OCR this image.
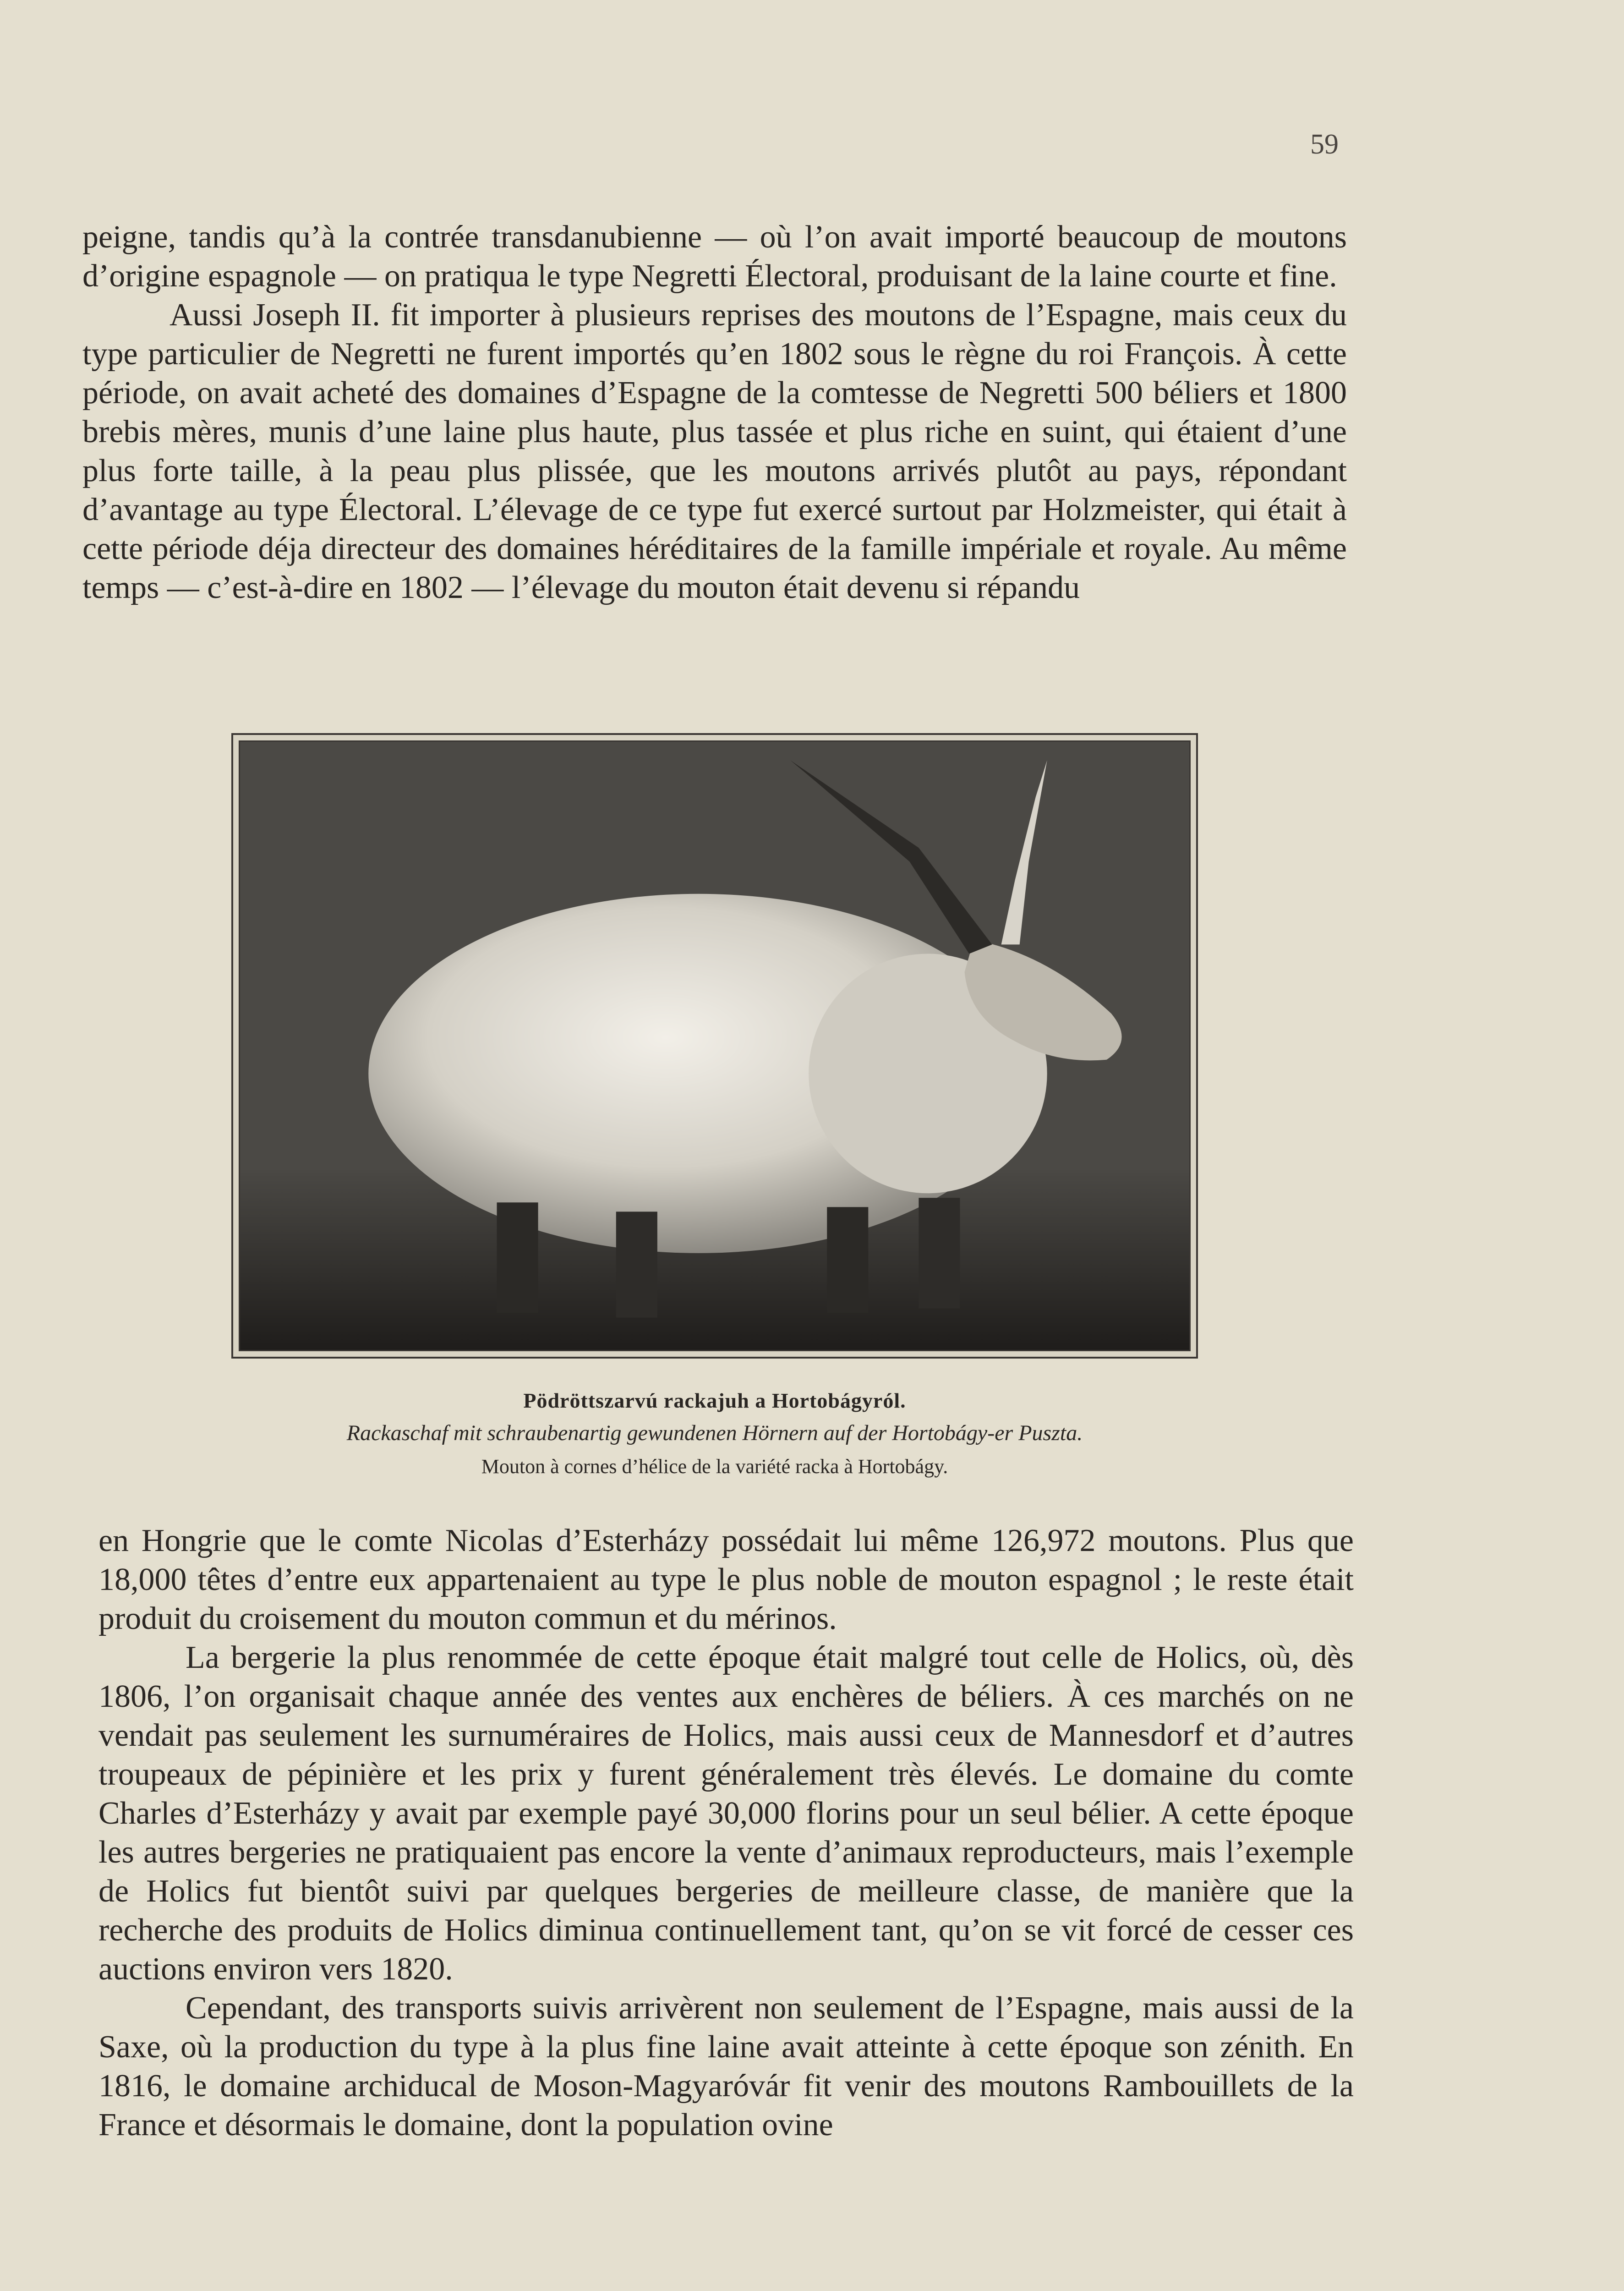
59

peigne, tandis qu’à la contrée transdanubienne — où l’on avait importé beaucoup de moutons d’origine espagnole — on pratiqua le type Negretti Électoral, produisant de la laine courte et fine.

Aussi Joseph II. fit importer à plusieurs reprises des moutons de l’Espagne, mais ceux du type particulier de Negretti ne furent importés qu’en 1802 sous le règne du roi François. À cette période, on avait acheté des domaines d’Espagne de la comtesse de Negretti 500 béliers et 1800 brebis mères, munis d’une laine plus haute, plus tassée et plus riche en suint, qui étaient d’une plus forte taille, à la peau plus plissée, que les moutons arrivés plutôt au pays, répondant d’avantage au type Électoral. L’élevage de ce type fut exercé surtout par Holzmeister, qui était à cette période déja directeur des domaines héréditaires de la famille impériale et royale. Au même temps — c’est-à-dire en 1802 — l’élevage du mouton était devenu si répandu

Pödröttszarvú rackajuh a Hortobágyról.
Rackaschaf mit schraubenartig gewundenen Hörnern auf der Hortobágy-er Puszta.
Mouton à cornes d’hélice de la variété racka à Hortobágy.

en Hongrie que le comte Nicolas d’Esterházy possédait lui même 126,972 moutons. Plus que 18,000 têtes d’entre eux appartenaient au type le plus noble de mouton espagnol ; le reste était produit du croisement du mouton commun et du mérinos.

La bergerie la plus renommée de cette époque était malgré tout celle de Holics, où, dès 1806, l’on organisait chaque année des ventes aux enchères de béliers. À ces marchés on ne vendait pas seulement les surnuméraires de Holics, mais aussi ceux de Mannesdorf et d’autres troupeaux de pépinière et les prix y furent généralement très élevés. Le domaine du comte Charles d’Esterházy y avait par exemple payé 30,000 florins pour un seul bélier. A cette époque les autres bergeries ne pratiquaient pas encore la vente d’animaux reproducteurs, mais l’exemple de Holics fut bientôt suivi par quelques bergeries de meilleure classe, de manière que la recherche des produits de Holics diminua continuellement tant, qu’on se vit forcé de cesser ces auctions environ vers 1820.

Cependant, des transports suivis arrivèrent non seulement de l’Espagne, mais aussi de la Saxe, où la production du type à la plus fine laine avait atteinte à cette époque son zénith. En 1816, le domaine archiducal de Moson-Magyaróvár fit venir des moutons Rambouillets de la France et désormais le domaine, dont la population ovine
